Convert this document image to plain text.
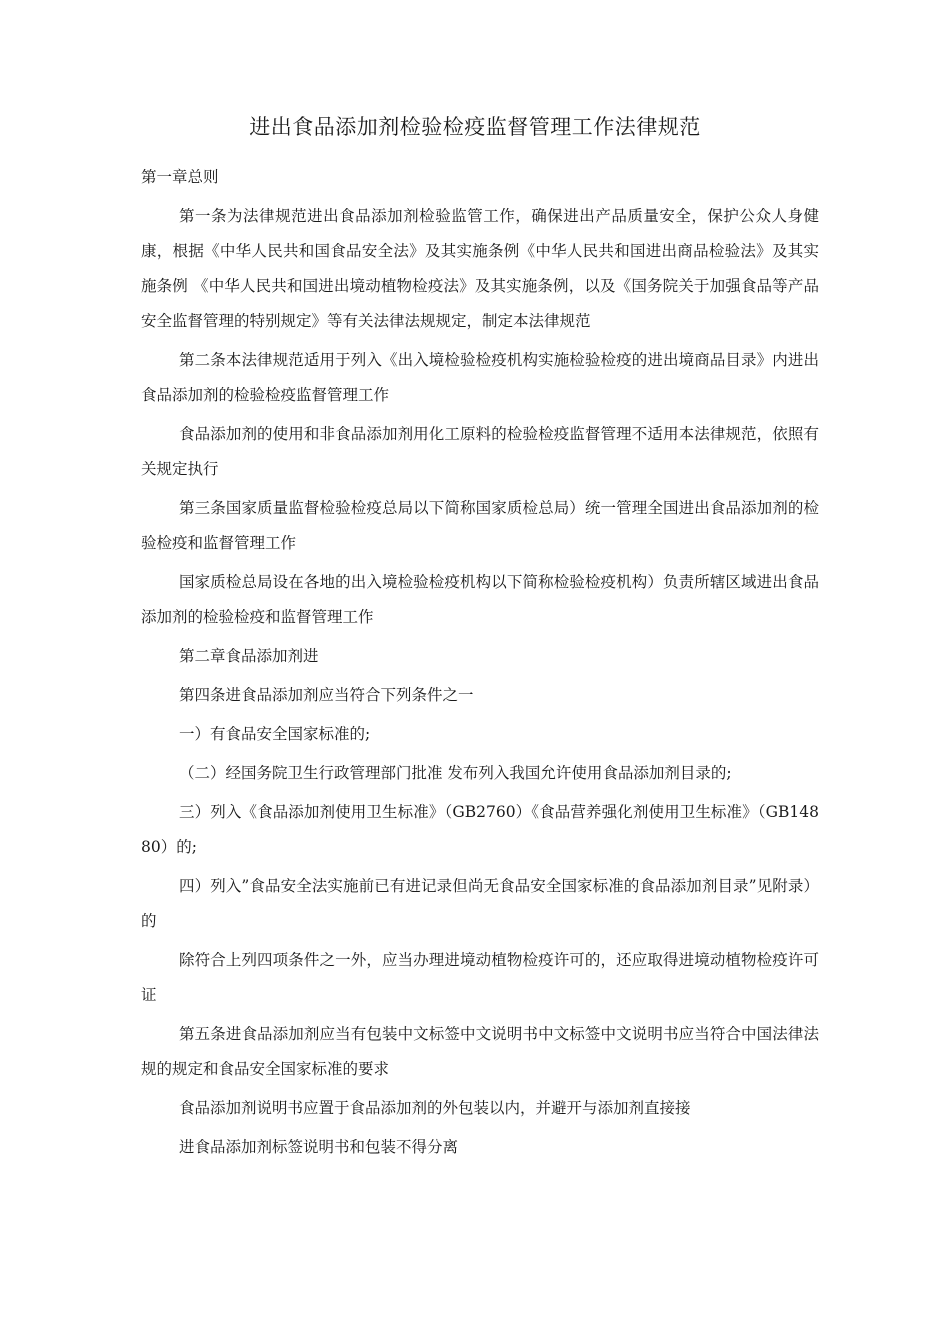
进出食品添加剂检验检疫监督管理工作法律规范

第一章总则

第一条为法律规范进出食品添加剂检验监管工作，确保进出产品质量安全，保护公众人身健康，根据《中华人民共和国食品安全法》及其实施条例《中华人民共和国进出商品检验法》及其实施条例 《中华人民共和国进出境动植物检疫法》及其实施条例，以及《国务院关于加强食品等产品安全监督管理的特别规定》等有关法律法规规定，制定本法律规范

第二条本法律规范适用于列入《出入境检验检疫机构实施检验检疫的进出境商品目录》内进出食品添加剂的检验检疫监督管理工作

食品添加剂的使用和非食品添加剂用化工原料的检验检疫监督管理不适用本法律规范，依照有关规定执行

第三条国家质量监督检验检疫总局以下简称国家质检总局）统一管理全国进出食品添加剂的检验检疫和监督管理工作

国家质检总局设在各地的出入境检验检疫机构以下简称检验检疫机构）负责所辖区域进出食品添加剂的检验检疫和监督管理工作

第二章食品添加剂进

第四条进食品添加剂应当符合下列条件之一

一）有食品安全国家标准的;

（二）经国务院卫生行政管理部门批准 发布列入我国允许使用食品添加剂目录的;

三）列入《食品添加剂使用卫生标准》（GB2760）《食品营养强化剂使用卫生标准》（GB14880）的;

四）列入”食品安全法实施前已有进记录但尚无食品安全国家标准的食品添加剂目录”见附录）的

除符合上列四项条件之一外，应当办理进境动植物检疫许可的，还应取得进境动植物检疫许可证

第五条进食品添加剂应当有包装中文标签中文说明书中文标签中文说明书应当符合中国法律法规的规定和食品安全国家标准的要求

食品添加剂说明书应置于食品添加剂的外包装以内，并避开与添加剂直接接

进食品添加剂标签说明书和包装不得分离
